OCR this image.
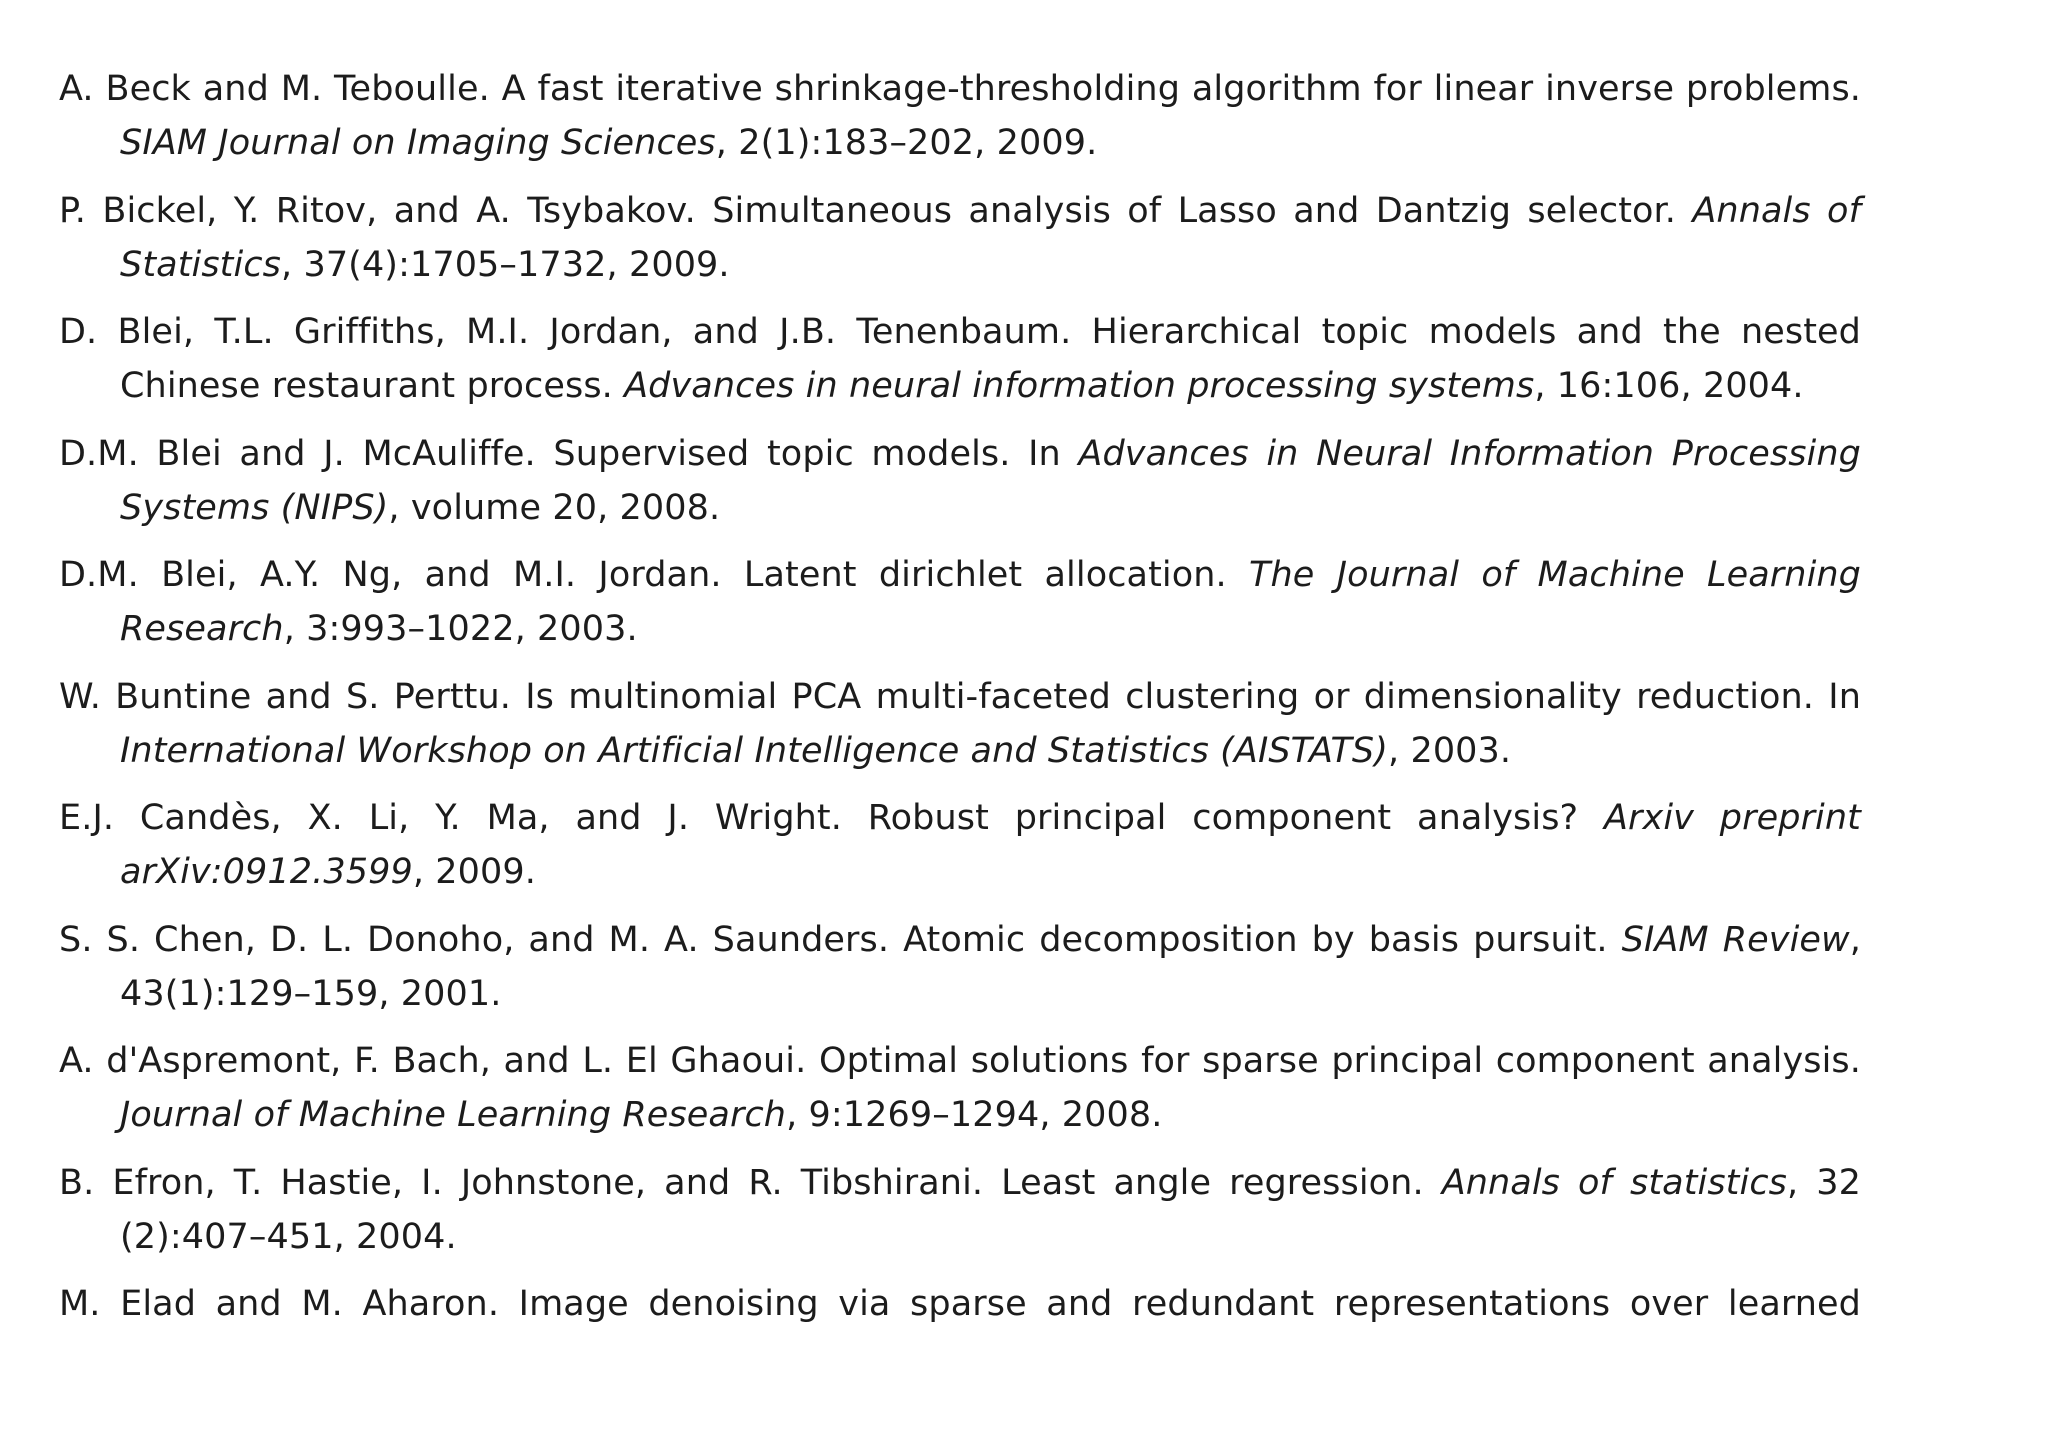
A. Beck and M. Teboulle. A fast iterative shrinkage-thresholding algorithm for linear inverse problems. SIAM Journal on Imaging Sciences, 2(1):183–202, 2009.

P. Bickel, Y. Ritov, and A. Tsybakov. Simultaneous analysis of Lasso and Dantzig selector. Annals of Statistics, 37(4):1705–1732, 2009.

D. Blei, T.L. Griffiths, M.I. Jordan, and J.B. Tenenbaum. Hierarchical topic models and the nested Chinese restaurant process. Advances in neural information processing systems, 16:106, 2004.

D.M. Blei and J. McAuliffe. Supervised topic models. In Advances in Neural Information Processing Systems (NIPS), volume 20, 2008.

D.M. Blei, A.Y. Ng, and M.I. Jordan. Latent dirichlet allocation. The Journal of Machine Learning Research, 3:993–1022, 2003.

W. Buntine and S. Perttu. Is multinomial PCA multi-faceted clustering or dimensionality reduction. In International Workshop on Artificial Intelligence and Statistics (AISTATS), 2003.

E.J. Candès, X. Li, Y. Ma, and J. Wright. Robust principal component analysis? Arxiv preprint arXiv:0912.3599, 2009.

S. S. Chen, D. L. Donoho, and M. A. Saunders. Atomic decomposition by basis pursuit. SIAM Review, 43(1):129–159, 2001.

A. d'Aspremont, F. Bach, and L. El Ghaoui. Optimal solutions for sparse principal component analysis. Journal of Machine Learning Research, 9:1269–1294, 2008.

B. Efron, T. Hastie, I. Johnstone, and R. Tibshirani. Least angle regression. Annals of statistics, 32 (2):407–451, 2004.

M. Elad and M. Aharon. Image denoising via sparse and redundant representations over learned
